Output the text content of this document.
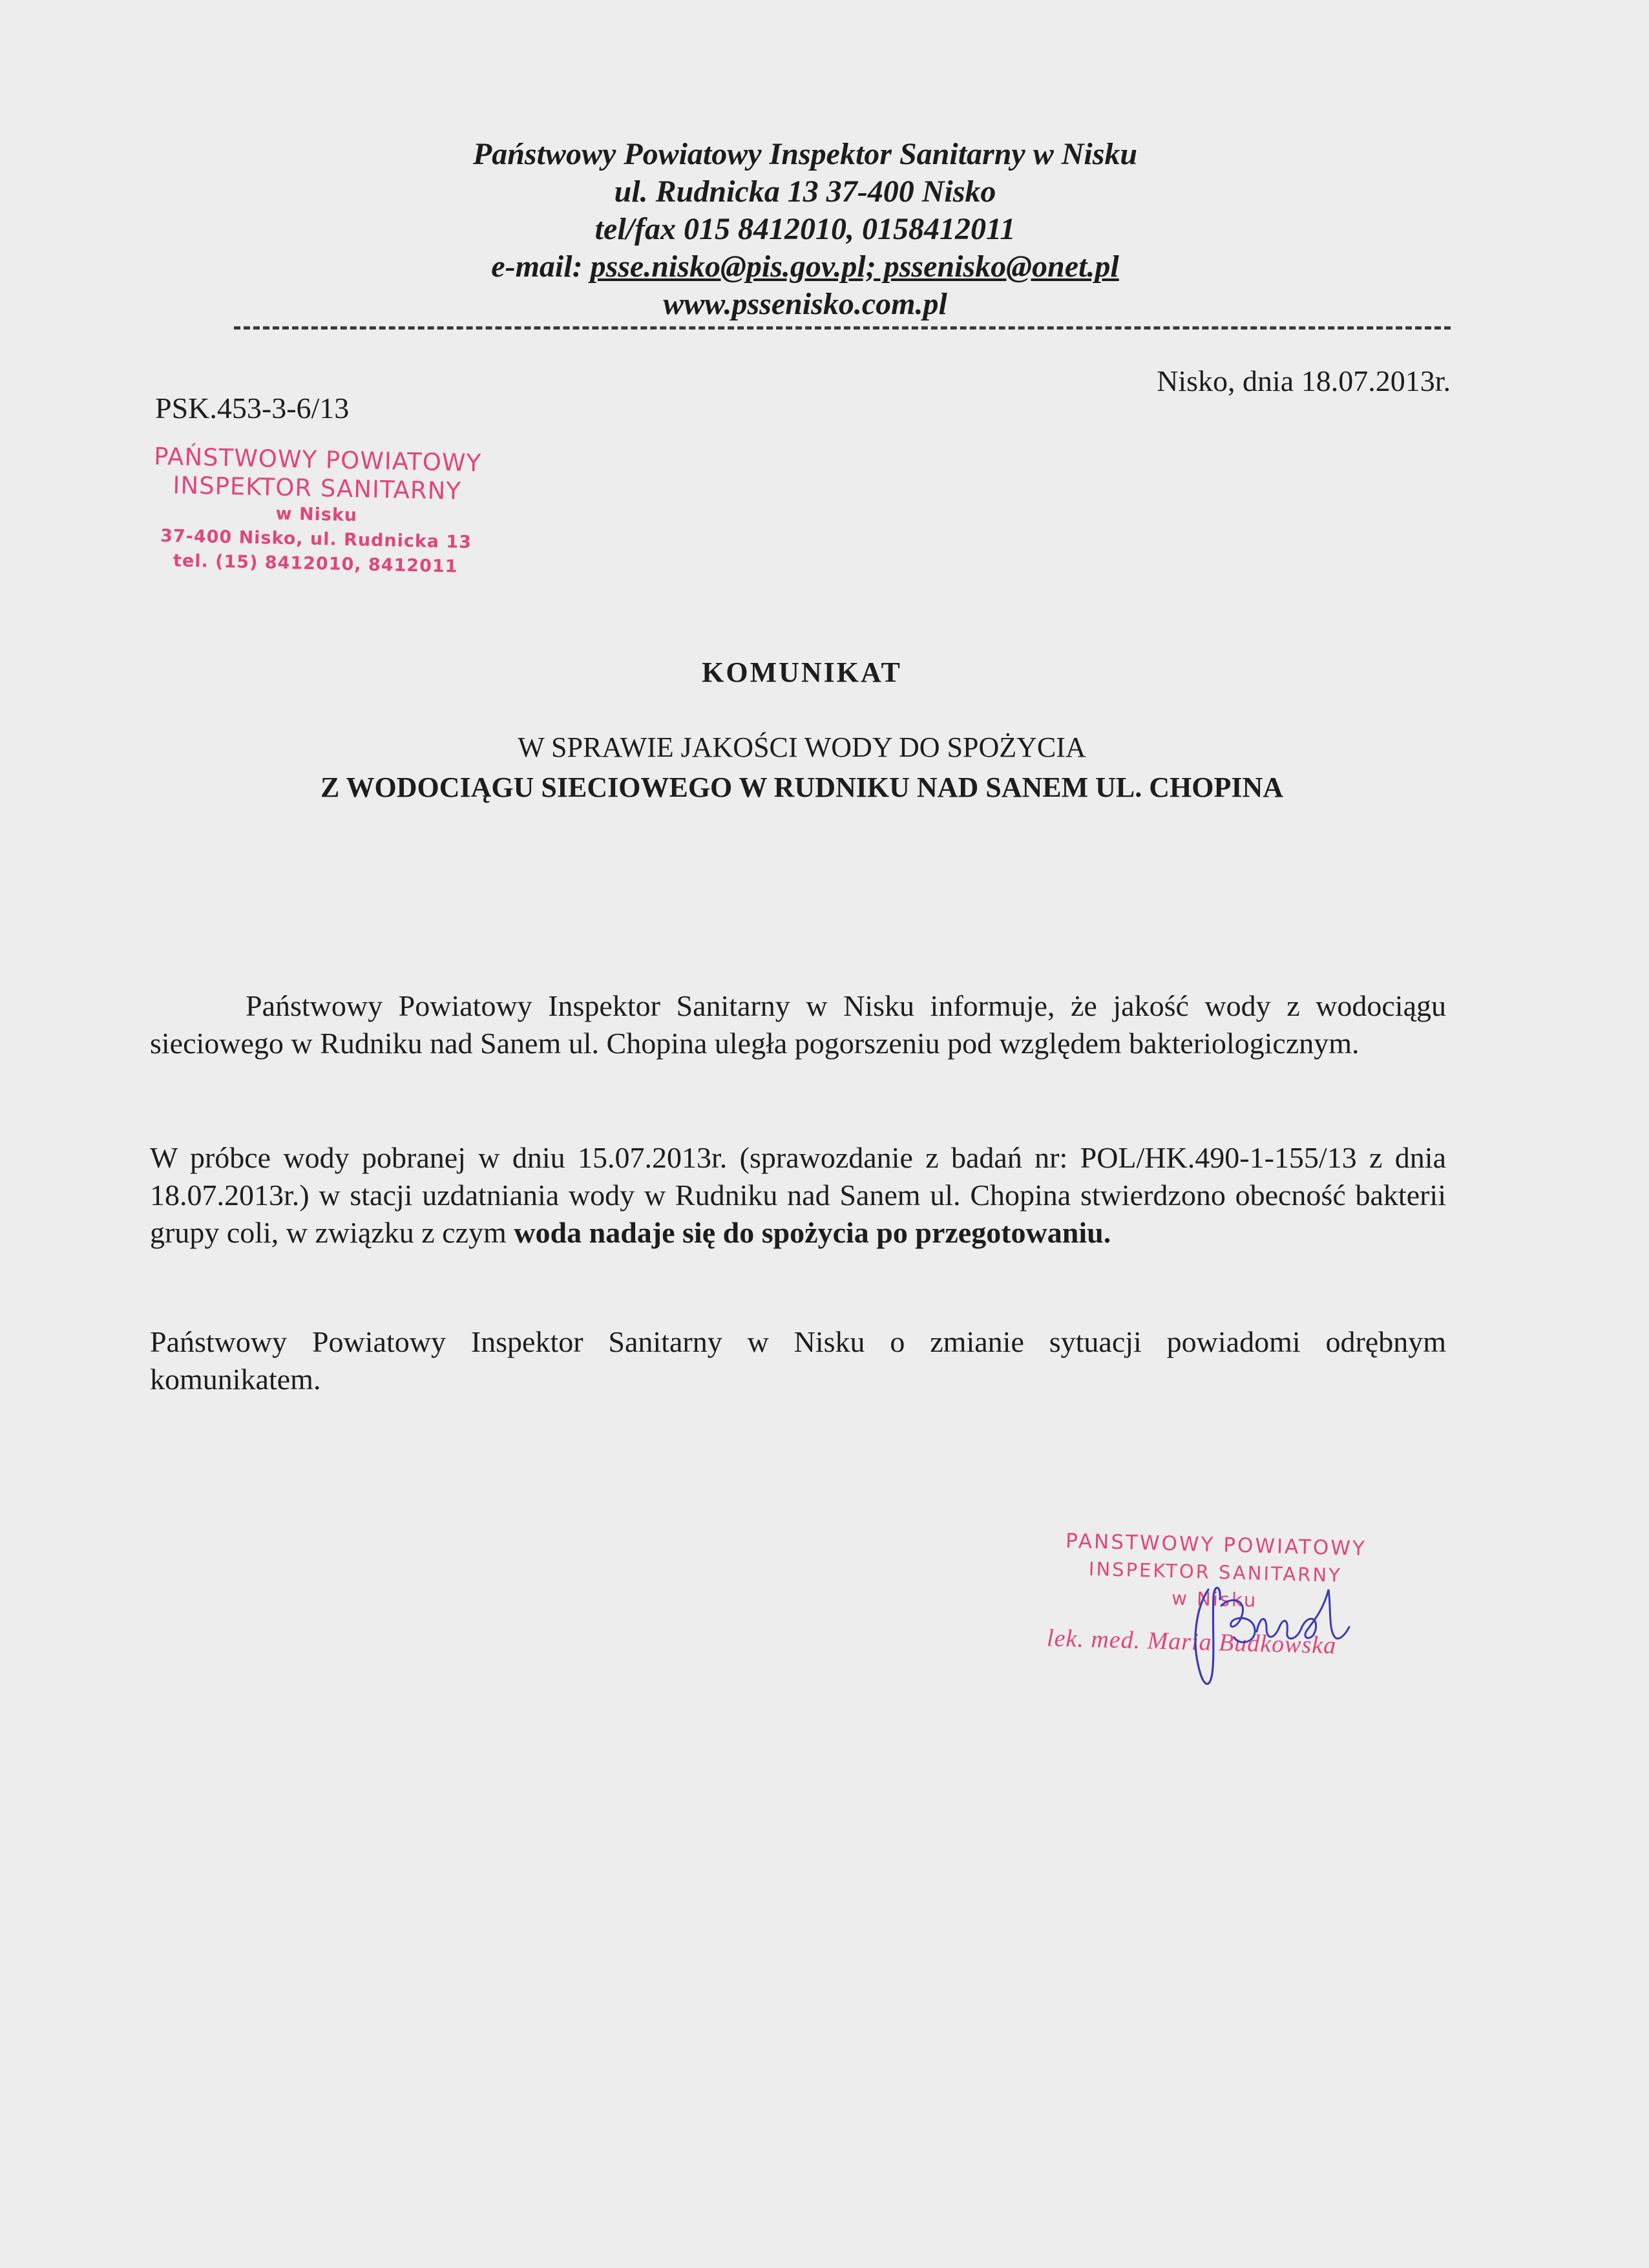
Państwowy Powiatowy Inspektor Sanitarny w Nisku
ul. Rudnicka 13 37-400 Nisko
tel/fax 015 8412010, 0158412011
e-mail: psse.nisko@pis.gov.pl; pssenisko@onet.pl
www.pssenisko.com.pl
PSK.453-3-6/13
Nisko, dnia 18.07.2013r.
PAŃSTWOWY POWIATOWY
INSPEKTOR SANITARNY
w Nisku
37-400 Nisko, ul. Rudnicka 13
tel. (15) 8412010, 8412011
KOMUNIKAT
W SPRAWIE JAKOŚCI WODY DO SPOŻYCIA
Z WODOCIĄGU SIECIOWEGO W RUDNIKU NAD SANEM UL. CHOPINA
Państwowy Powiatowy Inspektor Sanitarny w Nisku informuje, że jakość wody z wodociągu sieciowego w Rudniku nad Sanem ul. Chopina uległa pogorszeniu pod względem bakteriologicznym.
W próbce wody pobranej w dniu 15.07.2013r. (sprawozdanie z badań nr: POL/HK.490-1-155/13 z dnia 18.07.2013r.) w stacji uzdatniania wody w Rudniku nad Sanem ul. Chopina stwierdzono obecność bakterii grupy coli, w związku z czym woda nadaje się do spożycia po przegotowaniu.
Państwowy Powiatowy Inspektor Sanitarny w Nisku o zmianie sytuacji powiadomi odrębnym komunikatem.
PANSTWOWY POWIATOWY
INSPEKTOR SANITARNY
w Nisku
lek. med. Maria Budkowska
